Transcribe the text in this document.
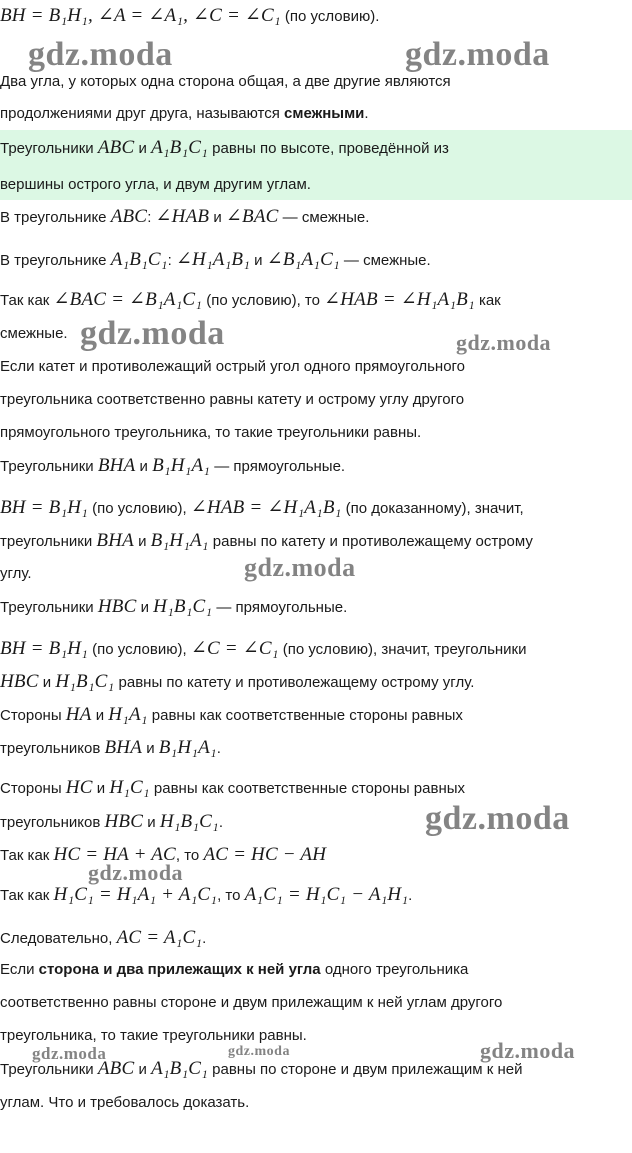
BH = B₁H₁, ∠A = ∠A₁, ∠C = ∠C₁ (по условию).

Два угла, у которых одна сторона общая, а две другие являются

продолжениями друг друга, называются смежными.

Треугольники ABC и A₁B₁C₁ равны по высоте, проведённой из

вершины острого угла, и двум другим углам.

В треугольнике ABC: ∠HAB и ∠BAC — смежные.

В треугольнике A₁B₁C₁: ∠H₁A₁B₁ и ∠B₁A₁C₁ — смежные.

Так как ∠BAC = ∠B₁A₁C₁ (по условию), то ∠HAB = ∠H₁A₁B₁ как

смежные.

Если катет и противолежащий острый угол одного прямоугольного

треугольника соответственно равны катету и острому углу другого

прямоугольного треугольника, то такие треугольники равны.

Треугольники BHA и B₁H₁A₁ — прямоугольные.

BH = B₁H₁ (по условию), ∠HAB = ∠H₁A₁B₁ (по доказанному), значит,

треугольники BHA и B₁H₁A₁ равны по катету и противолежащему острому

углу.

Треугольники HBC и H₁B₁C₁ — прямоугольные.

BH = B₁H₁ (по условию), ∠C = ∠C₁ (по условию), значит, треугольники

HBC и H₁B₁C₁ равны по катету и противолежащему острому углу.

Стороны HA и H₁A₁ равны как соответственные стороны равных

треугольников BHA и B₁H₁A₁.

Стороны HC и H₁C₁ равны как соответственные стороны равных

треугольников HBC и H₁B₁C₁.

Так как HC = HA + AC, то AC = HC − AH

Так как H₁C₁ = H₁A₁ + A₁C₁, то A₁C₁ = H₁C₁ − A₁H₁.

Следовательно, AC = A₁C₁.

Если сторона и два прилежащих к ней угла одного треугольника

соответственно равны стороне и двум прилежащим к ней углам другого

треугольника, то такие треугольники равны.

Треугольники ABC и A₁B₁C₁ равны по стороне и двум прилежащим к ней

углам. Что и требовалось доказать.

gdz.moda	gdz.moda
gdz.moda	gdz.moda
gdz.moda
gdz.moda
gdz.moda
gdz.moda	gdz.moda	gdz.moda
